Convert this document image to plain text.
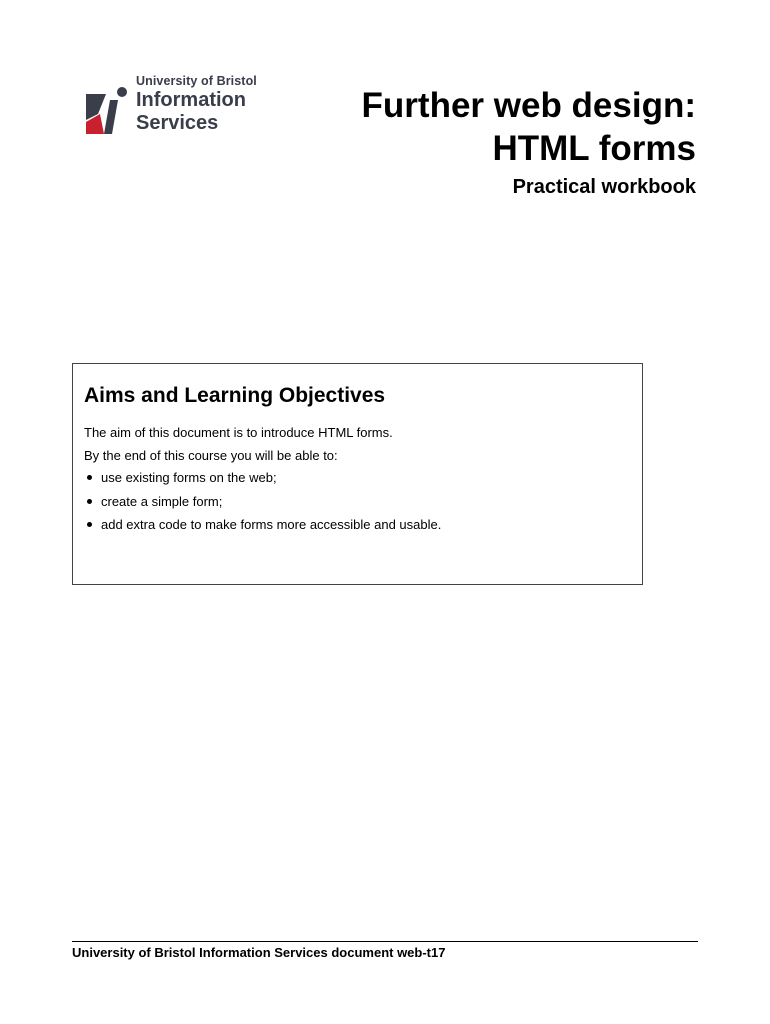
University of Bristol
Information
Services	Further web design:
HTML forms
Practical workbook
Aims and Learning Objectives
The aim of this document is to introduce HTML forms.
By the end of this course you will be able to:
use existing forms on the web;
create a simple form;
add extra code to make forms more accessible and usable.
University of Bristol Information Services document web-t17
